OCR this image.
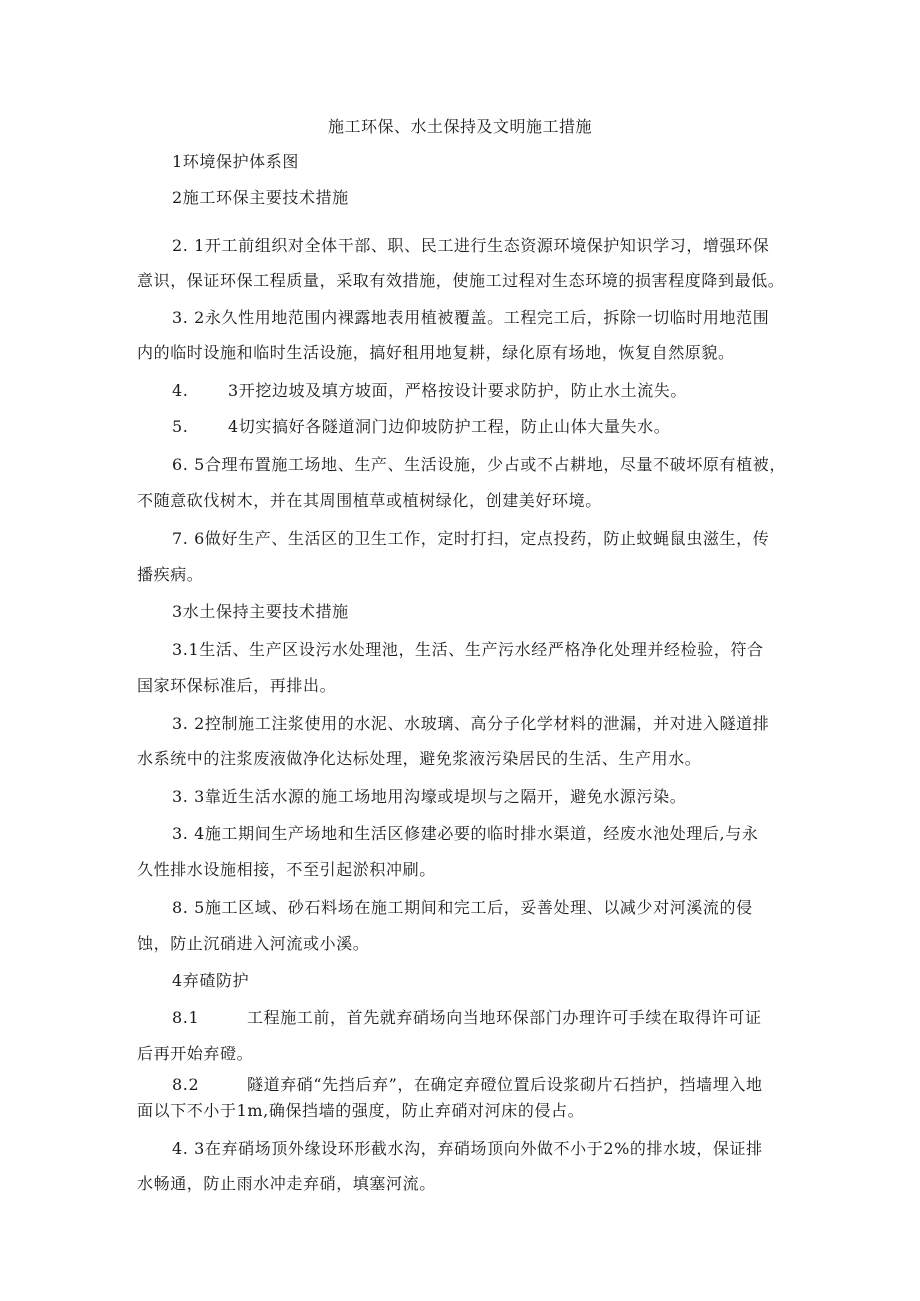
施工环保、水土保持及文明施工措施
1环境保护体系图
2施工环保主要技术措施
2. 1开工前组织对全体干部、职、民工进行生态资源环境保护知识学习，增强环保
意识，保证环保工程质量，采取有效措施，使施工过程对生态环境的损害程度降到最低。
3. 2永久性用地范围内裸露地表用植被覆盖。工程完工后，拆除一切临时用地范围
内的临时设施和临时生活设施，搞好租用地复耕，绿化原有场地，恢复自然原貌。
4. 3开挖边坡及填方坡面，严格按设计要求防护，防止水土流失。
5. 4切实搞好各隧道洞门边仰坡防护工程，防止山体大量失水。
6. 5合理布置施工场地、生产、生活设施，少占或不占耕地，尽量不破坏原有植被，
不随意砍伐树木，并在其周围植草或植树绿化，创建美好环境。
7. 6做好生产、生活区的卫生工作，定时打扫，定点投药，防止蚊蝇鼠虫滋生，传
播疾病。
3水土保持主要技术措施
3.1生活、生产区设污水处理池，生活、生产污水经严格净化处理并经检验，符合
国家环保标准后，再排出。
3. 2控制施工注浆使用的水泥、水玻璃、高分子化学材料的泄漏，并对进入隧道排
水系统中的注浆废液做净化达标处理，避免浆液污染居民的生活、生产用水。
3. 3靠近生活水源的施工场地用沟壕或堤坝与之隔开，避免水源污染。
3. 4施工期间生产场地和生活区修建必要的临时排水渠道，经废水池处理后,与永
久性排水设施相接，不至引起淤积冲刷。
8. 5施工区域、砂石料场在施工期间和完工后，妥善处理、以减少对河溪流的侵
蚀，防止沉硝进入河流或小溪。
4弃碴防护
8.1	工程施工前，首先就弃硝场向当地环保部门办理许可手续在取得许可证
后再开始弃磴。
8.2	隧道弃硝“先挡后弃”，在确定弃磴位置后设浆砌片石挡护，挡墙埋入地
面以下不小于1m,确保挡墙的强度，防止弃硝对河床的侵占。
4. 3在弃硝场顶外缘设环形截水沟，弃硝场顶向外做不小于2%的排水坡，保证排
水畅通，防止雨水冲走弃硝，填塞河流。
